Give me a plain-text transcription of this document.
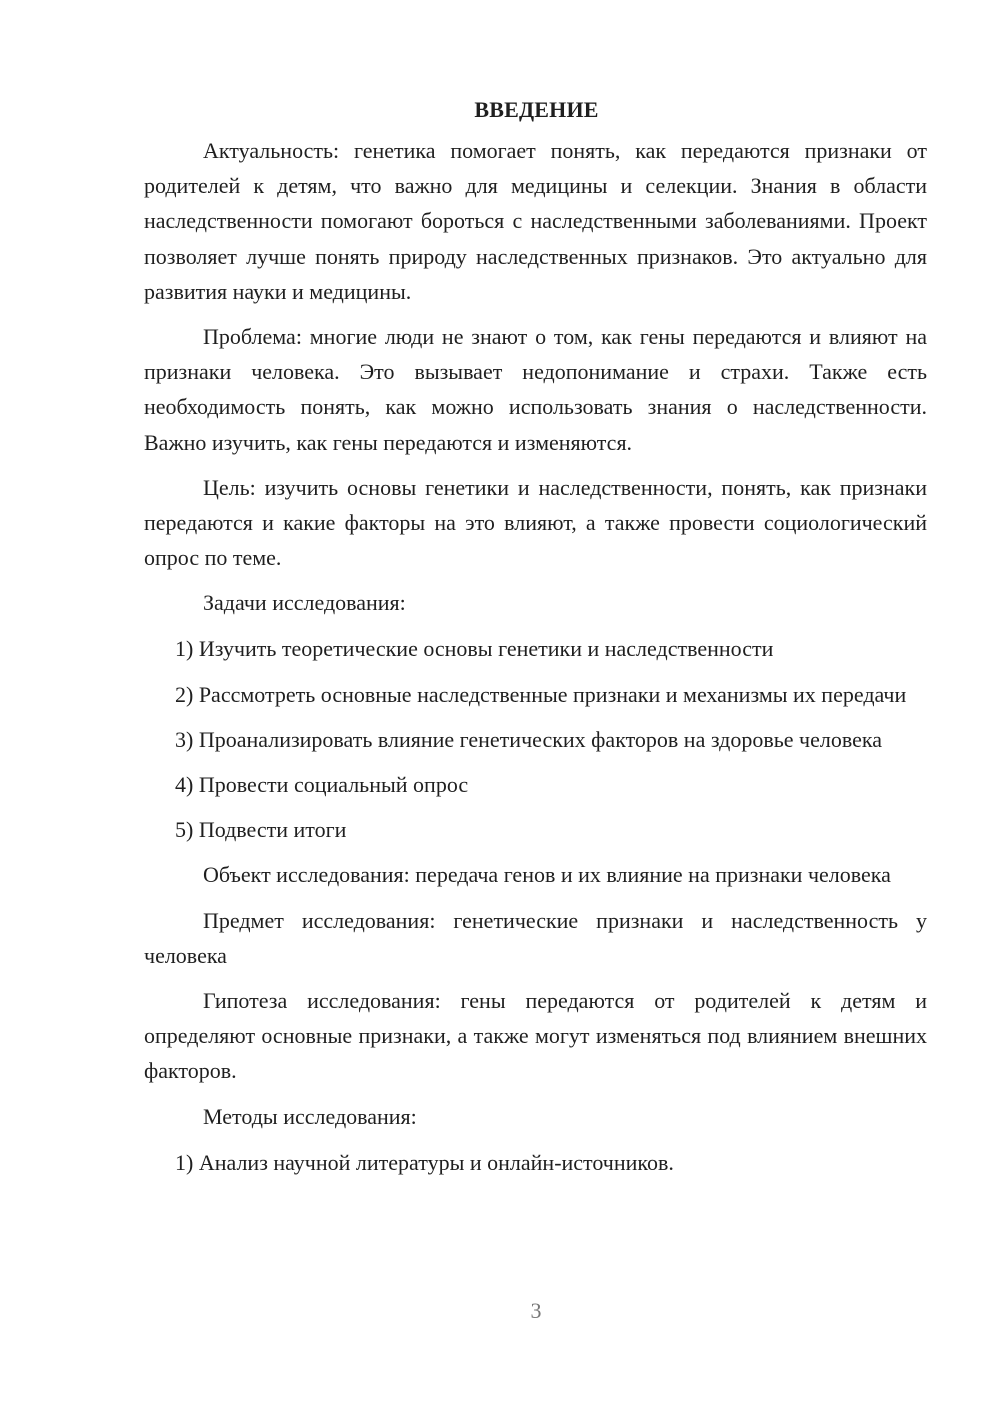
ВВЕДЕНИЕ

Актуальность: генетика помогает понять, как передаются признаки от родителей к детям, что важно для медицины и селекции. Знания в области наследственности помогают бороться с наследственными заболеваниями. Проект позволяет лучше понять природу наследственных признаков. Это актуально для развития науки и медицины.

Проблема: многие люди не знают о том, как гены передаются и влияют на признаки человека. Это вызывает недопонимание и страхи. Также есть необходимость понять, как можно использовать знания о наследственности. Важно изучить, как гены передаются и изменяются.

Цель: изучить основы генетики и наследственности, понять, как признаки передаются и какие факторы на это влияют, а также провести социологический опрос по теме.

Задачи исследования:

1) Изучить теоретические основы генетики и наследственности

2) Рассмотреть основные наследственные признаки и механизмы их передачи

3) Проанализировать влияние генетических факторов на здоровье человека

4) Провести социальный опрос

5) Подвести итоги

Объект исследования: передача генов и их влияние на признаки человека

Предмет исследования: генетические признаки и наследственность у человека

Гипотеза исследования: гены передаются от родителей к детям и определяют основные признаки, а также могут изменяться под влиянием внешних факторов.

Методы исследования:

1) Анализ научной литературы и онлайн-источников.

3
